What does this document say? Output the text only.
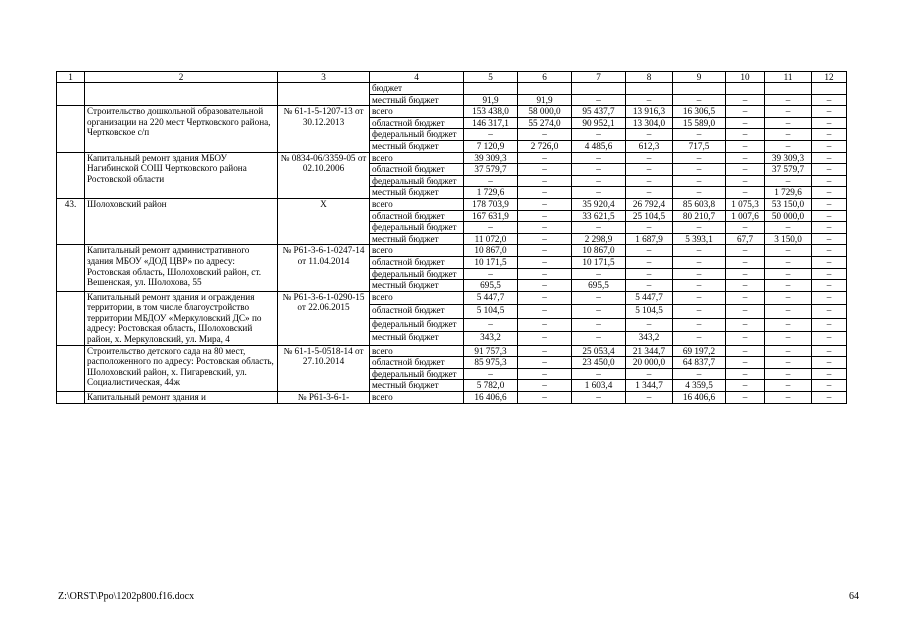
1	2	3	4	5	6	7	8	9	10	11	12
			бюджет								
			местный бюджет	91,9	91,9	–	–	–	–	–	–
	Строительство дошкольной образовательной организации на 220 мест Чертковского района, Чертковское с/п	№ 61-1-5-1207-13 от 30.12.2013	всего	153 438,0	58 000,0	95 437,7	13 916,3	16 306,5	–	–	–
			областной бюджет	146 317,1	55 274,0	90 952,1	13 304,0	15 589,0	–	–	–
			федеральный бюджет	–	–	–	–	–	–	–	–
			местный бюджет	7 120,9	2 726,0	4 485,6	612,3	717,5	–	–	–
	Капитальный ремонт здания МБОУ Нагибинской СОШ Чертковского района Ростовской области	№ 0834-06/3359-05 от 02.10.2006	всего	39 309,3	–	–	–	–	–	39 309,3	–
			областной бюджет	37 579,7	–	–	–	–	–	37 579,7	–
			федеральный бюджет	–	–	–	–	–	–	–	–
			местный бюджет	1 729,6	–	–	–	–	–	1 729,6	–
43.	Шолоховский район	Х	всего	178 703,9	–	35 920,4	26 792,4	85 603,8	1 075,3	53 150,0	–
			областной бюджет	167 631,9	–	33 621,5	25 104,5	80 210,7	1 007,6	50 000,0	–
			федеральный бюджет	–	–	–	–	–	–	–	–
			местный бюджет	11 072,0	–	2 298,9	1 687,9	5 393,1	67,7	3 150,0	–
	Капитальный ремонт административного здания МБОУ «ДОД ЦВР» по адресу: Ростовская область, Шолоховский район, ст. Вешенская, ул. Шолохова, 55	№ Р61-3-6-1-0247-14 от 11.04.2014	всего	10 867,0	–	10 867,0	–	–	–	–	–
			областной бюджет	10 171,5	–	10 171,5	–	–	–	–	–
			федеральный бюджет	–	–	–	–	–	–	–	–
			местный бюджет	695,5	–	695,5	–	–	–	–	–
	Капитальный ремонт здания и ограждения территории, в том числе благоустройство территории МБДОУ «Меркуловский ДС» по адресу: Ростовская область, Шолоховский район, х. Меркуловский, ул. Мира, 4	№ Р61-3-6-1-0290-15 от 22.06.2015	всего	5 447,7	–	–	5 447,7	–	–	–	–
			областной бюджет	5 104,5	–	–	5 104,5	–	–	–	–
			федеральный бюджет	–	–	–	–	–	–	–	–
			местный бюджет	343,2	–	–	343,2	–	–	–	–
	Строительство детского сада на 80 мест, расположенного по адресу: Ростовская область, Шолоховский район, х. Пигаревский, ул. Социалистическая, 44ж	№ 61-1-5-0518-14 от 27.10.2014	всего	91 757,3	–	25 053,4	21 344,7	69 197,2	–	–	–
			областной бюджет	85 975,3	–	23 450,0	20 000,0	64 837,7	–	–	–
			федеральный бюджет	–	–	–	–	–	–	–	–
			местный бюджет	5 782,0	–	1 603,4	1 344,7	4 359,5	–	–	–
	Капитальный ремонт здания и	№ Р61-3-6-1-	всего	16 406,6	–	–	–	16 406,6	–	–	–
Z:\ORST\Ppo\1202p800.f16.docx	64
